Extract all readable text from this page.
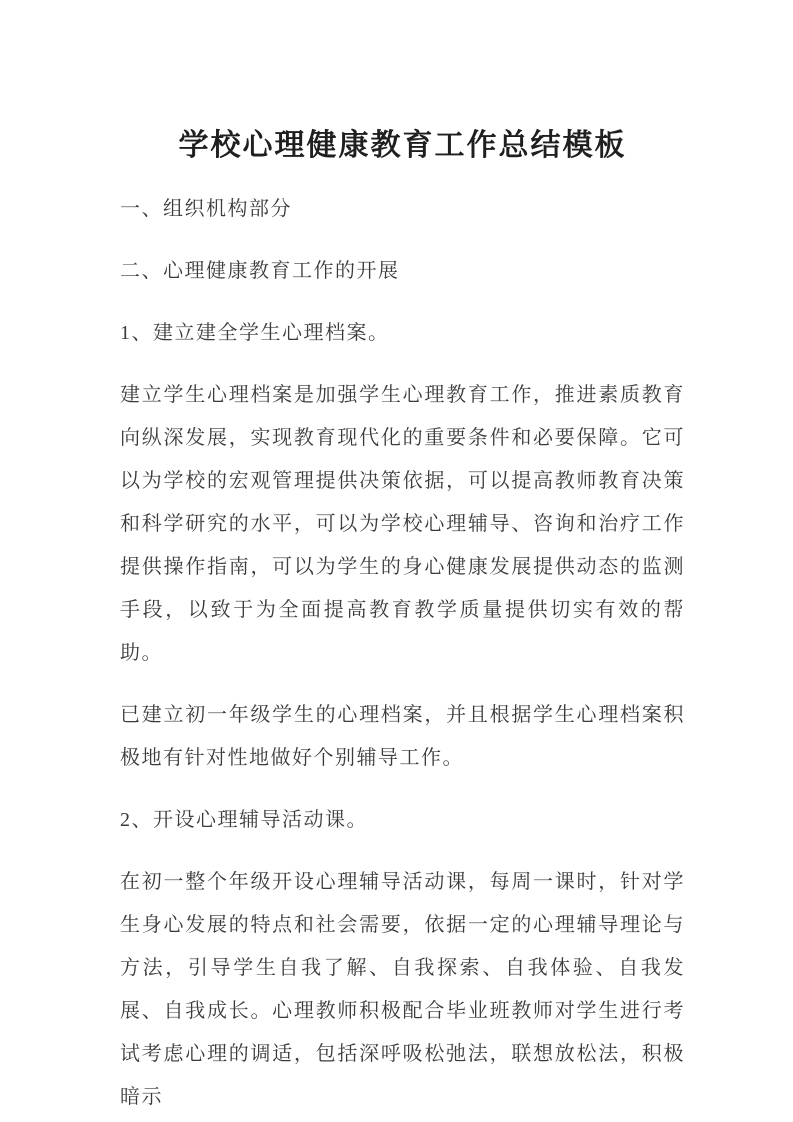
学校心理健康教育工作总结模板

一、组织机构部分

二、心理健康教育工作的开展

1、建立建全学生心理档案。

建立学生心理档案是加强学生心理教育工作，推进素质教育向纵深发展，实现教育现代化的重要条件和必要保障。它可以为学校的宏观管理提供决策依据，可以提高教师教育决策和科学研究的水平，可以为学校心理辅导、咨询和治疗工作提供操作指南，可以为学生的身心健康发展提供动态的监测手段，以致于为全面提高教育教学质量提供切实有效的帮助。

已建立初一年级学生的心理档案，并且根据学生心理档案积极地有针对性地做好个别辅导工作。

2、开设心理辅导活动课。

在初一整个年级开设心理辅导活动课，每周一课时，针对学生身心发展的特点和社会需要，依据一定的心理辅导理论与方法，引导学生自我了解、自我探索、自我体验、自我发展、自我成长。心理教师积极配合毕业班教师对学生进行考试考虑心理的调适，包括深呼吸松弛法，联想放松法，积极暗示
